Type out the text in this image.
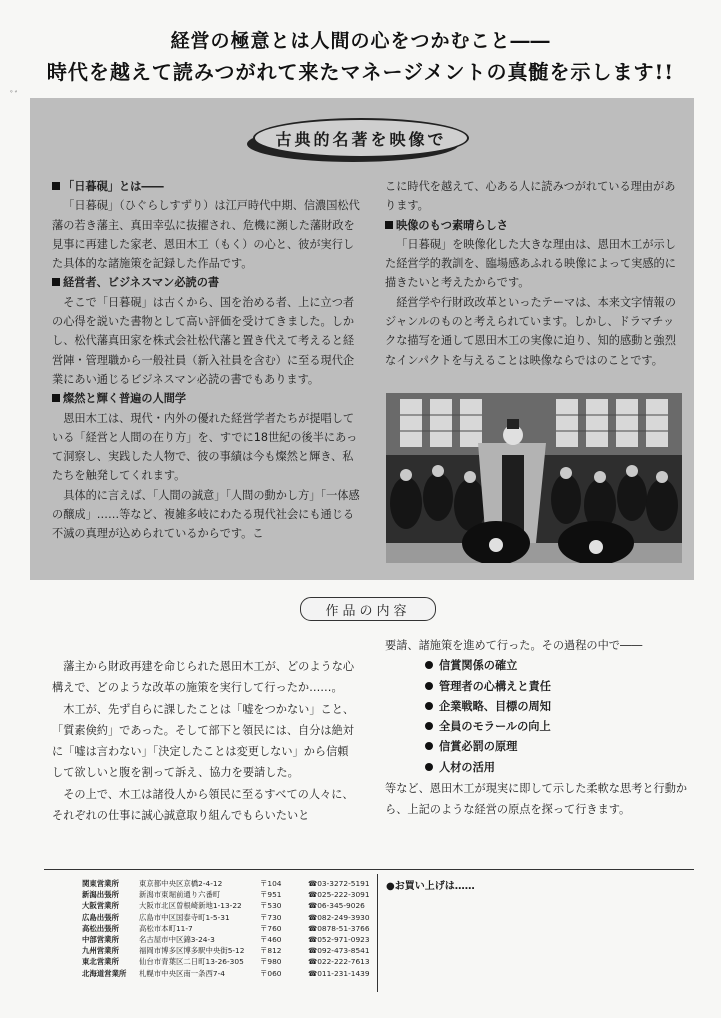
経営の極意とは人間の心をつかむこと――
時代を越えて読みつがれて来たマネージメントの真髄を示します!!
ﾟﾞ
古典的名著を映像で
「日暮硯」とは――

「日暮硯」（ひぐらしすずり）は江戸時代中期、信濃国松代藩の若き藩主、真田幸弘に抜擢され、危機に瀕した藩財政を見事に再建した家老、恩田木工（もく）の心と、彼が実行した具体的な諸施策を記録した作品です。

経営者、ビジネスマン必読の書

そこで「日暮硯」は古くから、国を治める者、上に立つ者の心得を説いた書物として高い評価を受けてきました。しかし、松代藩真田家を株式会社松代藩と置き代えて考えると経営陣・管理職から一般社員（新入社員を含む）に至る現代企業にあい通じるビジネスマン必読の書でもあります。

燦然と輝く普遍の人間学

恩田木工は、現代・内外の優れた経営学者たちが提唱している「経営と人間の在り方」を、すでに18世紀の後半にあって洞察し、実践した人物で、彼の事績は今も燦然と輝き、私たちを触発してくれます。

具体的に言えば、「人間の誠意」「人間の動かし方」「一体感の醸成」……等など、複雑多岐にわたる現代社会にも通じる不滅の真理が込められているからです。こ

こに時代を越えて、心ある人に読みつがれている理由があります。

映像のもつ素晴らしさ

「日暮硯」を映像化した大きな理由は、恩田木工が示した経営学的教訓を、臨場感あふれる映像によって実感的に描きたいと考えたからです。

経営学や行財政改革といったテーマは、本来文字情報のジャンルのものと考えられています。しかし、ドラマチックな描写を通して恩田木工の実像に迫り、知的感動と強烈なインパクトを与えることは映像ならではのことです。

作品の内容

藩主から財政再建を命じられた恩田木工が、どのような心構えで、どのような改革の施策を実行して行ったか……。

木工が、先ず自らに課したことは「嘘をつかない」こと、「質素倹約」であった。そして部下と領民には、自分は絶対に「嘘は言わない」「決定したことは変更しない」から信頼して欲しいと腹を割って訴え、協力を要請した。

その上で、木工は諸役人から領民に至るすべての人々に、それぞれの仕事に誠心誠意取り組んでもらいたいと

要請、諸施策を進めて行った。その過程の中で――

信賞関係の確立
管理者の心構えと責任
企業戦略、目標の周知
全員のモラールの向上
信賞必罰の原理
人材の活用

等など、恩田木工が現実に即して示した柔軟な思考と行動から、上記のような経営の原点を探って行きます。

関東営業所	東京都中央区京橋2-4-12	〒104	☎03-3272-5191
新潟出張所	新潟市東堀前通り六番町	〒951	☎025-222-3091
大阪営業所	大阪市北区曽根崎新地1-13-22	〒530	☎06-345-9026
広島出張所	広島市中区国泰寺町1-5-31	〒730	☎082-249-3930
高松出張所	高松市本町11-7	〒760	☎0878-51-3766
中部営業所	名古屋市中区錦3-24-3	〒460	☎052-971-0923
九州営業所	福岡市博多区博多駅中央街5-12	〒812	☎092-473-8541
東北営業所	仙台市青葉区二日町13-26-305	〒980	☎022-222-7613
北海道営業所	札幌市中央区南一条西7-4	〒060	☎011-231-1439
●お買い上げは……
